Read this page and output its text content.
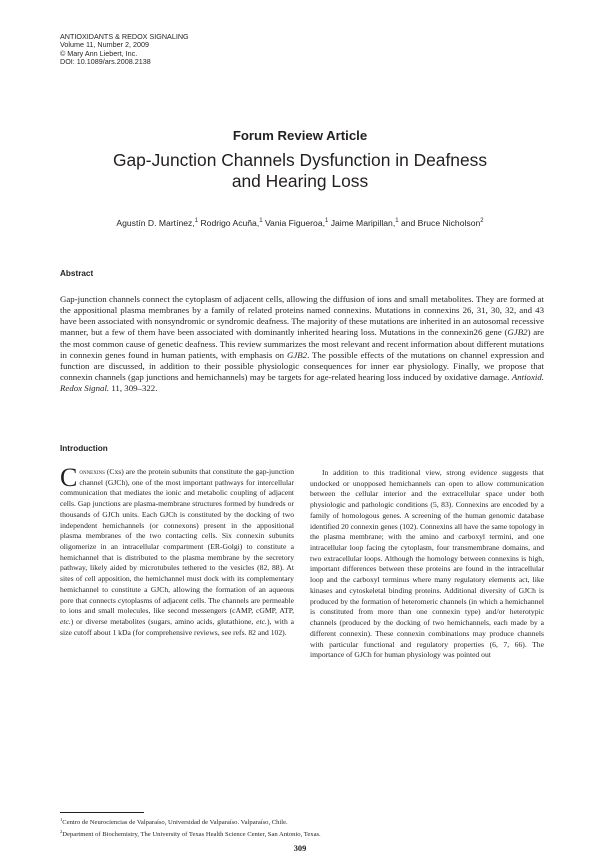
ANTIOXIDANTS & REDOX SIGNALING
Volume 11, Number 2, 2009
© Mary Ann Liebert, Inc.
DOI: 10.1089/ars.2008.2138
Forum Review Article
Gap-Junction Channels Dysfunction in Deafness
and Hearing Loss
Agustín D. Martínez,$^1$ Rodrigo Acuña,$^1$ Vania Figueroa,$^1$ Jaime Maripillan,$^1$ and Bruce Nicholson$^2$
Abstract

Gap-junction channels connect the cytoplasm of adjacent cells, allowing the diffusion of ions and small metabolites. They are formed at the appositional plasma membranes by a family of related proteins named connexins. Mutations in connexins 26, 31, 30, 32, and 43 have been associated with nonsyndromic or syndromic deafness. The majority of these mutations are inherited in an autosomal recessive manner, but a few of them have been associated with dominantly inherited hearing loss. Mutations in the connexin26 gene (GJB2) are the most common cause of genetic deafness. This review summarizes the most relevant and recent information about different mutations in connexin genes found in human patients, with emphasis on GJB2. The possible effects of the mutations on channel expression and function are discussed, in addition to their possible physiologic consequences for inner ear physiology. Finally, we propose that connexin channels (gap junctions and hemichannels) may be targets for age-related hearing loss induced by oxidative damage. Antioxid. Redox Signal. 11, 309–322.

Introduction

Connexins (Cxs) are the protein subunits that constitute the gap-junction channel (GJCh), one of the most important pathways for intercellular communication that mediates the ionic and metabolic coupling of adjacent cells. Gap junctions are plasma-membrane structures formed by hundreds or thousands of GJCh units. Each GJCh is constituted by the docking of two independent hemichannels (or connexons) present in the appositional plasma membranes of the two contacting cells. Six connexin subunits oligomerize in an intracellular compartment (ER-Golgi) to constitute a hemichannel that is distributed to the plasma membrane by the secretory pathway, likely aided by microtubules tethered to the vesicles (82, 88). At sites of cell apposition, the hemichannel must dock with its complementary hemichannel to constitute a GJCh, allowing the formation of an aqueous pore that connects cytoplasms of adjacent cells. The channels are permeable to ions and small molecules, like second messengers (cAMP, cGMP, ATP, etc.) or diverse metabolites (sugars, amino acids, glutathione, etc.), with a size cutoff about 1 kDa (for comprehensive reviews, see refs. 82 and 102).

In addition to this traditional view, strong evidence suggests that undocked or unopposed hemichannels can open to allow communication between the cellular interior and the extracellular space under both physiologic and pathologic conditions (5, 83). Connexins are encoded by a family of homologous genes. A screening of the human genomic database identified 20 connexin genes (102). Connexins all have the same topology in the plasma membrane; with the amino and carboxyl termini, and one intracellular loop facing the cytoplasm, four transmembrane domains, and two extracellular loops. Although the homology between connexins is high, important differences between these proteins are found in the intracellular loop and the carboxyl terminus where many regulatory elements act, like kinases and cytoskeletal binding proteins. Additional diversity of GJCh is produced by the formation of heteromeric channels (in which a hemichannel is constituted from more than one connexin type) and/or heterotypic channels (produced by the docking of two hemichannels, each made by a different connexin). These connexin combinations may produce channels with particular functional and regulatory properties (6, 7, 66). The importance of GJCh for human physiology was pointed out

$^1$Centro de Neurociencias de Valparaíso, Universidad de Valparaíso. Valparaíso, Chile.
$^2$Department of Biochemistry, The University of Texas Health Science Center, San Antonio, Texas.
309
